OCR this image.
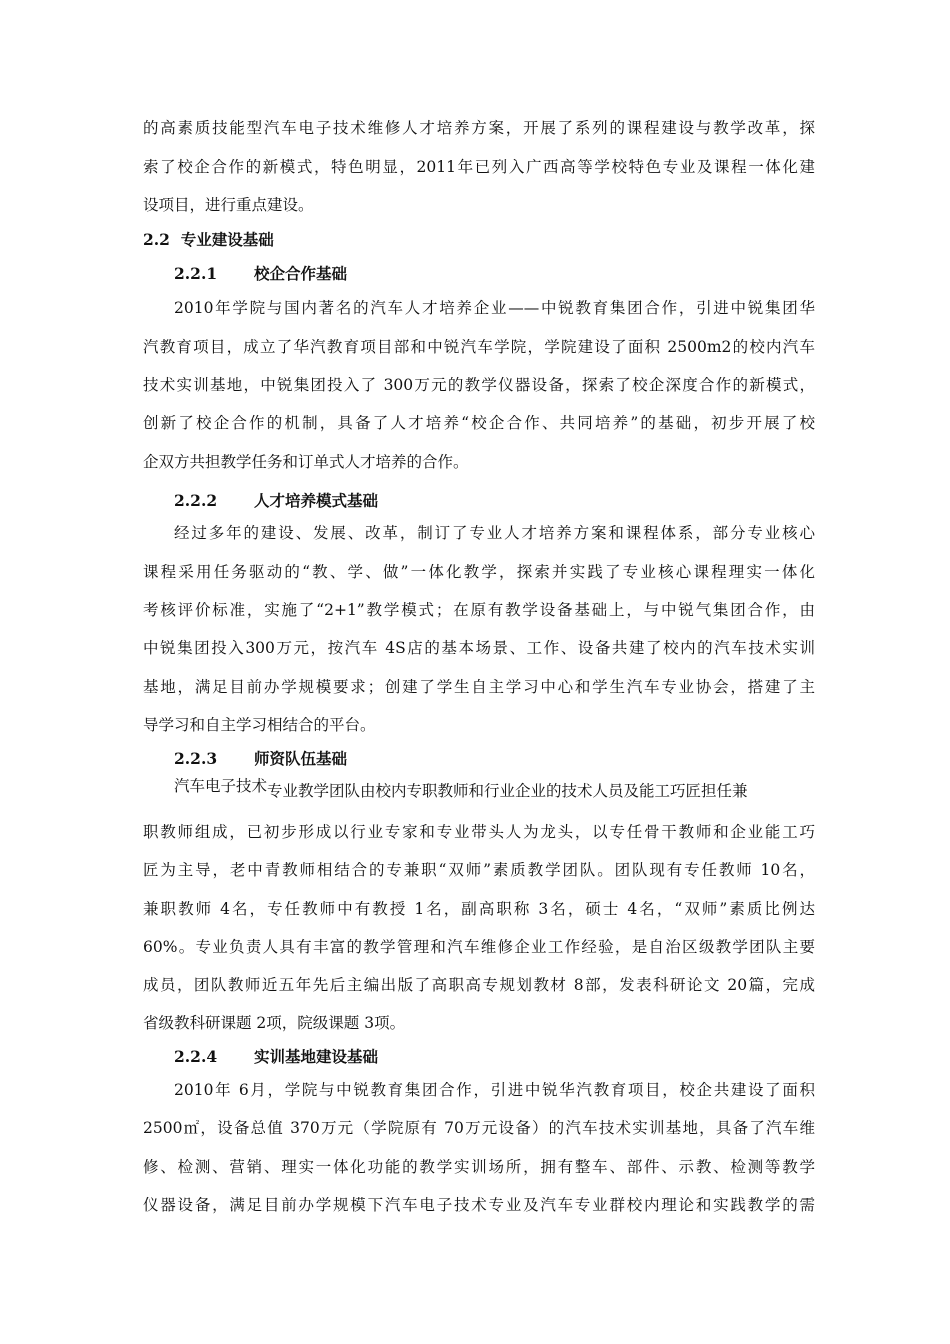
的高素质技能型汽车电子技术维修人才培养方案，开展了系列的课程建设与教学改革，探
索了校企合作的新模式，特色明显，2011年已列入广西高等学校特色专业及课程一体化建
设项目，进行重点建设。
2.2 专业建设基础
2.2.1 校企合作基础
2010年学院与国内著名的汽车人才培养企业——中锐教育集团合作，引进中锐集团华
汽教育项目，成立了华汽教育项目部和中锐汽车学院，学院建设了面积 2500m2的校内汽车
技术实训基地，中锐集团投入了 300万元的教学仪器设备，探索了校企深度合作的新模式，
创新了校企合作的机制，具备了人才培养“校企合作、共同培养”的基础，初步开展了校
企双方共担教学任务和订单式人才培养的合作。
2.2.2 人才培养模式基础
经过多年的建设、发展、改革，制订了专业人才培养方案和课程体系，部分专业核心
课程采用任务驱动的“教、学、做”一体化教学，探索并实践了专业核心课程理实一体化
考核评价标准，实施了“2+1”教学模式；在原有教学设备基础上，与中锐气集团合作，由
中锐集团投入300万元，按汽车 4S店的基本场景、工作、设备共建了校内的汽车技术实训
基地，满足目前办学规模要求；创建了学生自主学习中心和学生汽车专业协会，搭建了主
导学习和自主学习相结合的平台。
2.2.3 师资队伍基础
汽车电子技术专业教学团队由校内专职教师和行业企业的技术人员及能工巧匠担任兼
职教师组成，已初步形成以行业专家和专业带头人为龙头，以专任骨干教师和企业能工巧
匠为主导，老中青教师相结合的专兼职“双师”素质教学团队。团队现有专任教师 10名，
兼职教师 4名，专任教师中有教授 1名，副高职称 3名，硕士 4名，“双师”素质比例达
60%。专业负责人具有丰富的教学管理和汽车维修企业工作经验，是自治区级教学团队主要
成员，团队教师近五年先后主编出版了高职高专规划教材 8部，发表科研论文 20篇，完成
省级教科研课题 2项，院级课题 3项。
2.2.4 实训基地建设基础
2010年 6月，学院与中锐教育集团合作，引进中锐华汽教育项目，校企共建设了面积
2500㎡，设备总值 370万元（学院原有 70万元设备）的汽车技术实训基地，具备了汽车维
修、检测、营销、理实一体化功能的教学实训场所，拥有整车、部件、示教、检测等教学
仪器设备，满足目前办学规模下汽车电子技术专业及汽车专业群校内理论和实践教学的需
